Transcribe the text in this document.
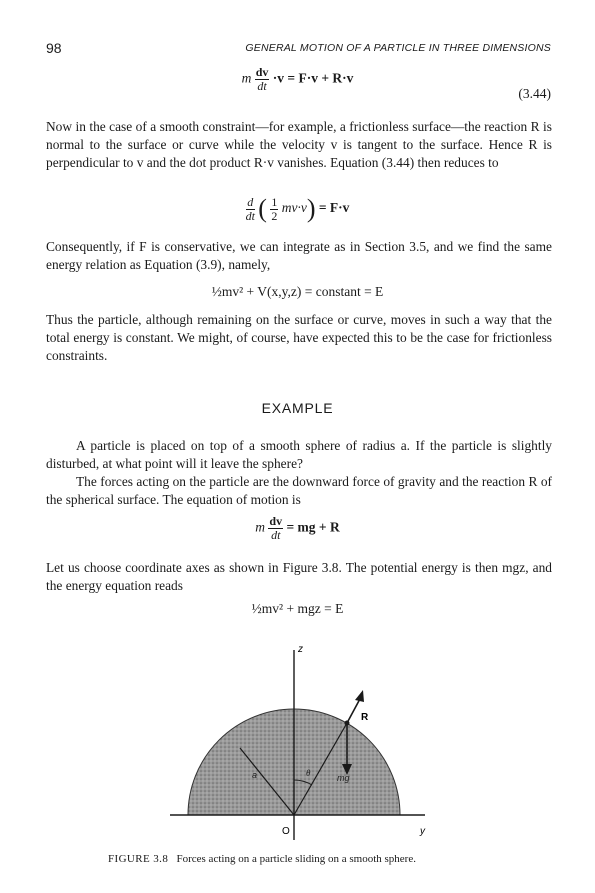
98	GENERAL MOTION OF A PARTICLE IN THREE DIMENSIONS
m $\frac{dv}{dt} \cdot v = F\cdot v + R\cdot v$
(3.44)
Now in the case of a smooth constraint—for example, a frictionless surface—the reaction R is normal to the surface or curve while the velocity v is tangent to the surface. Hence R is perpendicular to v and the dot product R·v vanishes. Equation (3.44) then reduces to
$\frac{d}{dt}$ ( $\frac{1}{2} mv\cdot v) = F\cdot v$
Consequently, if F is conservative, we can integrate as in Section 3.5, and we find the same energy relation as Equation (3.9), namely,
½mv² + V(x,y,z) = constant = E
Thus the particle, although remaining on the surface or curve, moves in such a way that the total energy is constant. We might, of course, have expected this to be the case for frictionless constraints.
EXAMPLE
A particle is placed on top of a smooth sphere of radius a. If the particle is slightly disturbed, at what point will it leave the sphere?
The forces acting on the particle are the downward force of gravity and the reaction R of the spherical surface. The equation of motion is
m $\frac{dv}{dt}$ = mg + R
Let us choose coordinate axes as shown in Figure 3.8. The potential energy is then mgz, and the energy equation reads
½mv² + mgz = E
z
R
O	y
a	θ	mg
FIGURE 3.8 Forces acting on a particle sliding on a smooth sphere.
